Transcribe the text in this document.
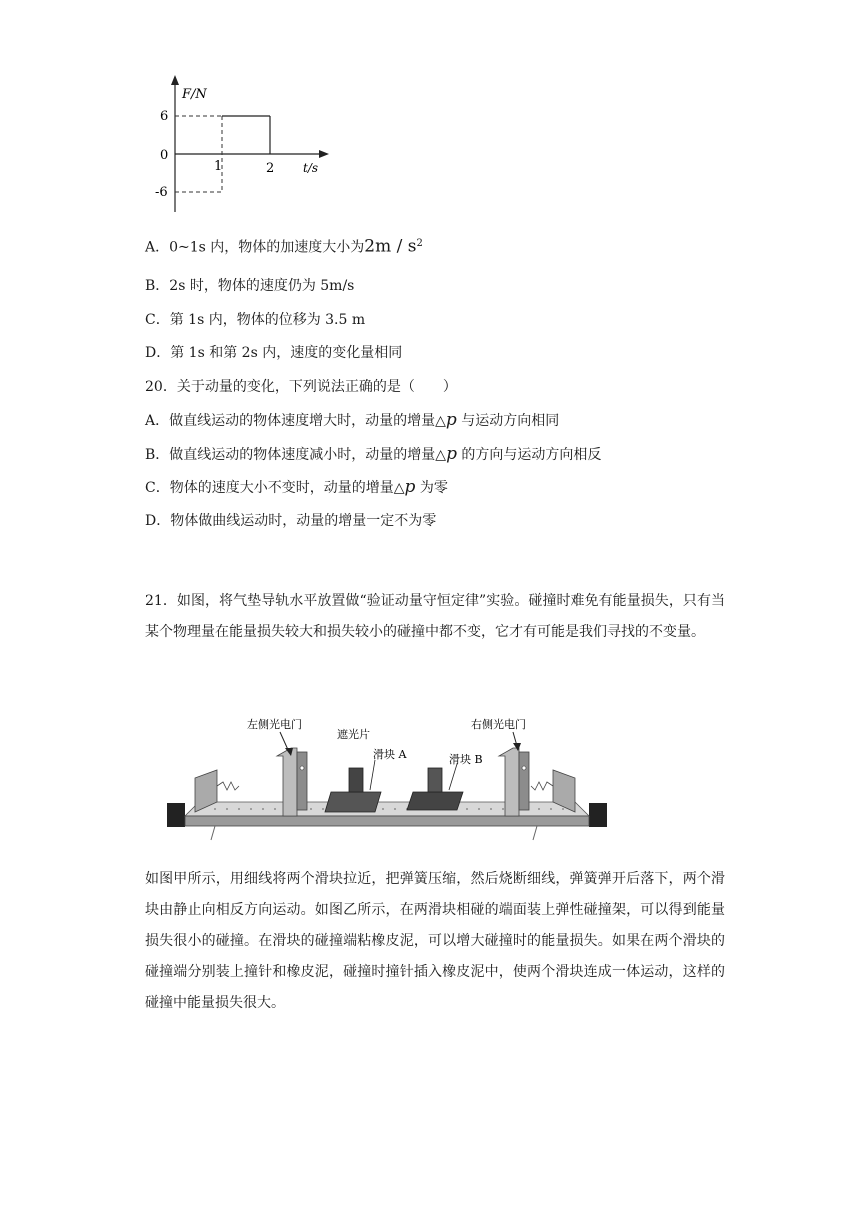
F/N
t/s
6
0
-6
1	2
A．0~1s 内，物体的加速度大小为$2m / s^2$
B．2s 时，物体的速度仍为 5m/s
C．第 1s 内，物体的位移为 3.5 m
D．第 1s 和第 2s 内，速度的变化量相同
20．关于动量的变化，下列说法正确的是（　　）
A．做直线运动的物体速度增大时，动量的增量△p 与运动方向相同
B．做直线运动的物体速度减小时，动量的增量△p 的方向与运动方向相反
C．物体的速度大小不变时，动量的增量△p 为零
D．物体做曲线运动时，动量的增量一定不为零
21．如图，将气垫导轨水平放置做“验证动量守恒定律”实验。碰撞时难免有能量损失，只有当某个物理量在能量损失较大和损失较小的碰撞中都不变，它才有可能是我们寻找的不变量。
左侧光电门
遮光片
滑块 A	滑块 B
右侧光电门
如图甲所示，用细线将两个滑块拉近，把弹簧压缩，然后烧断细线，弹簧弹开后落下，两个滑块由静止向相反方向运动。如图乙所示，在两滑块相碰的端面装上弹性碰撞架，可以得到能量损失很小的碰撞。在滑块的碰撞端粘橡皮泥，可以增大碰撞时的能量损失。如果在两个滑块的碰撞端分别装上撞针和橡皮泥，碰撞时撞针插入橡皮泥中，使两个滑块连成一体运动，这样的碰撞中能量损失很大。
